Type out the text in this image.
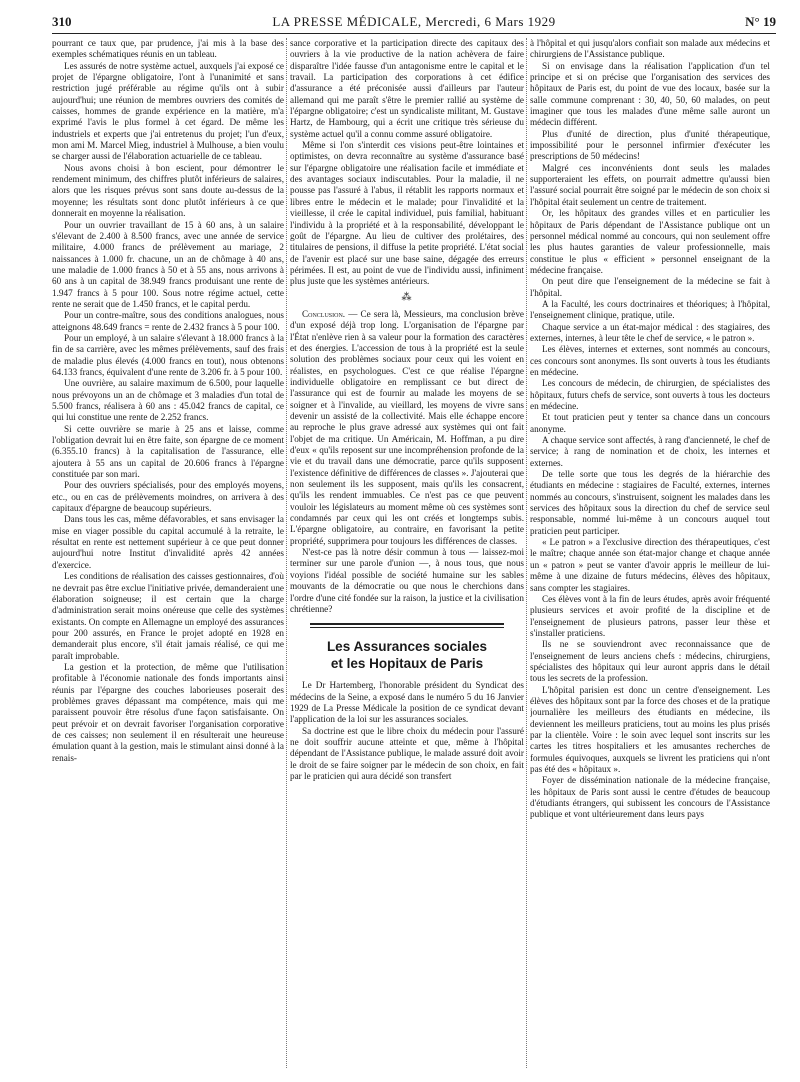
310	LA PRESSE MÉDICALE, Mercredi, 6 Mars 1929	N° 19

pourrant ce taux que, par prudence, j'ai mis à la base des exemples schématiques réunis en un tableau.

Les assurés de notre système actuel, auxquels j'ai exposé ce projet de l'épargne obligatoire, l'ont à l'unanimité et sans restriction jugé préférable au régime qu'ils ont à subir aujourd'hui; une réunion de membres ouvriers des comités de caisses, hommes de grande expérience en la matière, m'a exprimé l'avis le plus formel à cet égard. De même les industriels et experts que j'ai entretenus du projet; l'un d'eux, mon ami M. Marcel Mieg, industriel à Mulhouse, a bien voulu se charger aussi de l'élaboration actuarielle de ce tableau.

Nous avons choisi à bon escient, pour démontrer le rendement minimum, des chiffres plutôt inférieurs de salaires, alors que les risques prévus sont sans doute au-dessus de la moyenne; les résultats sont donc plutôt inférieurs à ce que donnerait en moyenne la réalisation.

Pour un ouvrier travaillant de 15 à 60 ans, à un salaire s'élevant de 2.400 à 8.500 francs, avec une année de service militaire, 4.000 francs de prélèvement au mariage, 2 naissances à 1.000 fr. chacune, un an de chômage à 40 ans, une maladie de 1.000 francs à 50 et à 55 ans, nous arrivons à 60 ans à un capital de 38.949 francs produisant une rente de 1.947 francs à 5 pour 100. Sous notre régime actuel, cette rente ne serait que de 1.450 francs, et le capital perdu.

Pour un contre-maître, sous des conditions analogues, nous atteignons 48.649 francs = rente de 2.432 francs à 5 pour 100.

Pour un employé, à un salaire s'élevant à 18.000 francs à la fin de sa carrière, avec les mêmes prélèvements, sauf des frais de maladie plus élevés (4.000 francs en tout), nous obtenons 64.133 francs, équivalent d'une rente de 3.206 fr. à 5 pour 100.

Une ouvrière, au salaire maximum de 6.500, pour laquelle nous prévoyons un an de chômage et 3 maladies d'un total de 5.500 francs, réalisera à 60 ans : 45.042 francs de capital, ce qui lui constitue une rente de 2.252 francs.

Si cette ouvrière se marie à 25 ans et laisse, comme l'obligation devrait lui en être faite, son épargne de ce moment (6.355.10 francs) à la capitalisation de l'assurance, elle ajoutera à 55 ans un capital de 20.606 francs à l'épargne constituée par son mari.

Pour des ouvriers spécialisés, pour des employés moyens, etc., ou en cas de prélèvements moindres, on arrivera à des capitaux d'épargne de beaucoup supérieurs.

Dans tous les cas, même défavorables, et sans envisager la mise en viager possible du capital accumulé à la retraite, le résultat en rente est nettement supérieur à ce que peut donner aujourd'hui notre Institut d'invalidité après 42 années d'exercice.

Les conditions de réalisation des caisses gestionnaires, d'où ne devrait pas être exclue l'initiative privée, demanderaient une élaboration soigneuse; il est certain que la charge d'administration serait moins onéreuse que celle des systèmes existants. On compte en Allemagne un employé des assurances pour 200 assurés, en France le projet adopté en 1928 en demanderait plus encore, s'il était jamais réalisé, ce qui me paraît improbable.

La gestion et la protection, de même que l'utilisation profitable à l'économie nationale des fonds importants ainsi réunis par l'épargne des couches laborieuses poserait des problèmes graves dépassant ma compétence, mais qui me paraissent pouvoir être résolus d'une façon satisfaisante. On peut prévoir et on devrait favoriser l'organisation corporative de ces caisses; non seulement il en résulterait une heureuse émulation quant à la gestion, mais le stimulant ainsi donné à la renais-

sance corporative et la participation directe des capitaux des ouvriers à la vie productive de la nation achèvera de faire disparaître l'idée fausse d'un antagonisme entre le capital et le travail. La participation des corporations à cet édifice d'assurance a été préconisée aussi d'ailleurs par l'auteur allemand qui me paraît s'être le premier rallié au système de l'épargne obligatoire; c'est un syndicaliste militant, M. Gustave Hartz, de Hambourg, qui a écrit une critique très sérieuse du système actuel qu'il a connu comme assuré obligatoire.

Même si l'on s'interdit ces visions peut-être lointaines et optimistes, on devra reconnaître au système d'assurance basé sur l'épargne obligatoire une réalisation facile et immédiate et des avantages sociaux indiscutables. Pour la maladie, il ne pousse pas l'assuré à l'abus, il rétablit les rapports normaux et libres entre le médecin et le malade; pour l'invalidité et la vieillesse, il crée le capital individuel, puis familial, habituant l'individu à la propriété et à la responsabilité, développant le goût de l'épargne. Au lieu de cultiver des prolétaires, des titulaires de pensions, il diffuse la petite propriété. L'état social de l'avenir est placé sur une base saine, dégagée des erreurs périmées. Il est, au point de vue de l'individu aussi, infiniment plus juste que les systèmes antérieurs.

⁂

Conclusion. — Ce sera là, Messieurs, ma conclusion brève d'un exposé déjà trop long. L'organisation de l'épargne par l'État n'enlève rien à sa valeur pour la formation des caractères et des énergies. L'accession de tous à la propriété est la seule solution des problèmes sociaux pour ceux qui les voient en réalistes, en psychologues. C'est ce que réalise l'épargne individuelle obligatoire en remplissant ce but direct de l'assurance qui est de fournir au malade les moyens de se soigner et à l'invalide, au vieillard, les moyens de vivre sans devenir un assisté de la collectivité. Mais elle échappe encore au reproche le plus grave adressé aux systèmes qui ont fait l'objet de ma critique. Un Américain, M. Hoffman, a pu dire d'eux « qu'ils reposent sur une incompréhension profonde de la vie et du travail dans une démocratie, parce qu'ils supposent l'existence définitive de différences de classes ». J'ajouterai que non seulement ils les supposent, mais qu'ils les consacrent, qu'ils les rendent immuables. Ce n'est pas ce que peuvent vouloir les législateurs au moment même où ces systèmes sont condamnés par ceux qui les ont créés et longtemps subis. L'épargne obligatoire, au contraire, en favorisant la petite propriété, supprimera pour toujours les différences de classes.

N'est-ce pas là notre désir commun à tous — laissez-moi terminer sur une parole d'union —, à nous tous, que nous voyions l'idéal possible de société humaine sur les sables mouvants de la démocratie ou que nous le cherchions dans l'ordre d'une cité fondée sur la raison, la justice et la civilisation chrétienne?

Les Assurances sociales
et les Hopitaux de Paris

Le Dr Hartemberg, l'honorable président du Syndicat des médecins de la Seine, a exposé dans le numéro 5 du 16 Janvier 1929 de La Presse Médicale la position de ce syndicat devant l'application de la loi sur les assurances sociales.

Sa doctrine est que le libre choix du médecin pour l'assuré ne doit souffrir aucune atteinte et que, même à l'hôpital dépendant de l'Assistance publique, le malade assuré doit avoir le droit de se faire soigner par le médecin de son choix, en fait par le praticien qui aura décidé son transfert

à l'hôpital et qui jusqu'alors confiait son malade aux médecins et chirurgiens de l'Assistance publique.

Si on envisage dans la réalisation l'application d'un tel principe et si on précise que l'organisation des services des hôpitaux de Paris est, du point de vue des locaux, basée sur la salle commune comprenant : 30, 40, 50, 60 malades, on peut imaginer que tous les malades d'une même salle auront un médecin différent.

Plus d'unité de direction, plus d'unité thérapeutique, impossibilité pour le personnel infirmier d'exécuter les prescriptions de 50 médecins!

Malgré ces inconvénients dont seuls les malades supporteraient les effets, on pourrait admettre qu'aussi bien l'assuré social pourrait être soigné par le médecin de son choix si l'hôpital était seulement un centre de traitement.

Or, les hôpitaux des grandes villes et en particulier les hôpitaux de Paris dépendant de l'Assistance publique ont un personnel médical nommé au concours, qui non seulement offre les plus hautes garanties de valeur professionnelle, mais constitue le plus « efficient » personnel enseignant de la médecine française.

On peut dire que l'enseignement de la médecine se fait à l'hôpital.

A la Faculté, les cours doctrinaires et théoriques; à l'hôpital, l'enseignement clinique, pratique, utile.

Chaque service a un état-major médical : des stagiaires, des externes, internes, à leur tête le chef de service, « le patron ».

Les élèves, internes et externes, sont nommés au concours, ces concours sont anonymes. Ils sont ouverts à tous les étudiants en médecine.

Les concours de médecin, de chirurgien, de spécialistes des hôpitaux, futurs chefs de service, sont ouverts à tous les docteurs en médecine.

Et tout praticien peut y tenter sa chance dans un concours anonyme.

A chaque service sont affectés, à rang d'ancienneté, le chef de service; à rang de nomination et de choix, les internes et externes.

De telle sorte que tous les degrés de la hiérarchie des étudiants en médecine : stagiaires de Faculté, externes, internes nommés au concours, s'instruisent, soignent les malades dans les services des hôpitaux sous la direction du chef de service seul responsable, nommé lui-même à un concours auquel tout praticien peut participer.

« Le patron » a l'exclusive direction des thérapeutiques, c'est le maître; chaque année son état-major change et chaque année un « patron » peut se vanter d'avoir appris le meilleur de lui-même à une dizaine de futurs médecins, élèves des hôpitaux, sans compter les stagiaires.

Ces élèves vont à la fin de leurs études, après avoir fréquenté plusieurs services et avoir profité de la discipline et de l'enseignement de plusieurs patrons, passer leur thèse et s'installer praticiens.

Ils ne se souviendront avec reconnaissance que de l'enseignement de leurs anciens chefs : médecins, chirurgiens, spécialistes des hôpitaux qui leur auront appris dans le détail tous les secrets de la profession.

L'hôpital parisien est donc un centre d'enseignement. Les élèves des hôpitaux sont par la force des choses et de la pratique journalière les meilleurs des étudiants en médecine, ils deviennent les meilleurs praticiens, tout au moins les plus prisés par la clientèle. Voire : le soin avec lequel sont inscrits sur les cartes les titres hospitaliers et les amusantes recherches de formules équivoques, auxquels se livrent les praticiens qui n'ont pas été des « hôpitaux ».

Foyer de dissémination nationale de la médecine française, les hôpitaux de Paris sont aussi le centre d'études de beaucoup d'étudiants étrangers, qui subissent les concours de l'Assistance publique et vont ultérieurement dans leurs pays
